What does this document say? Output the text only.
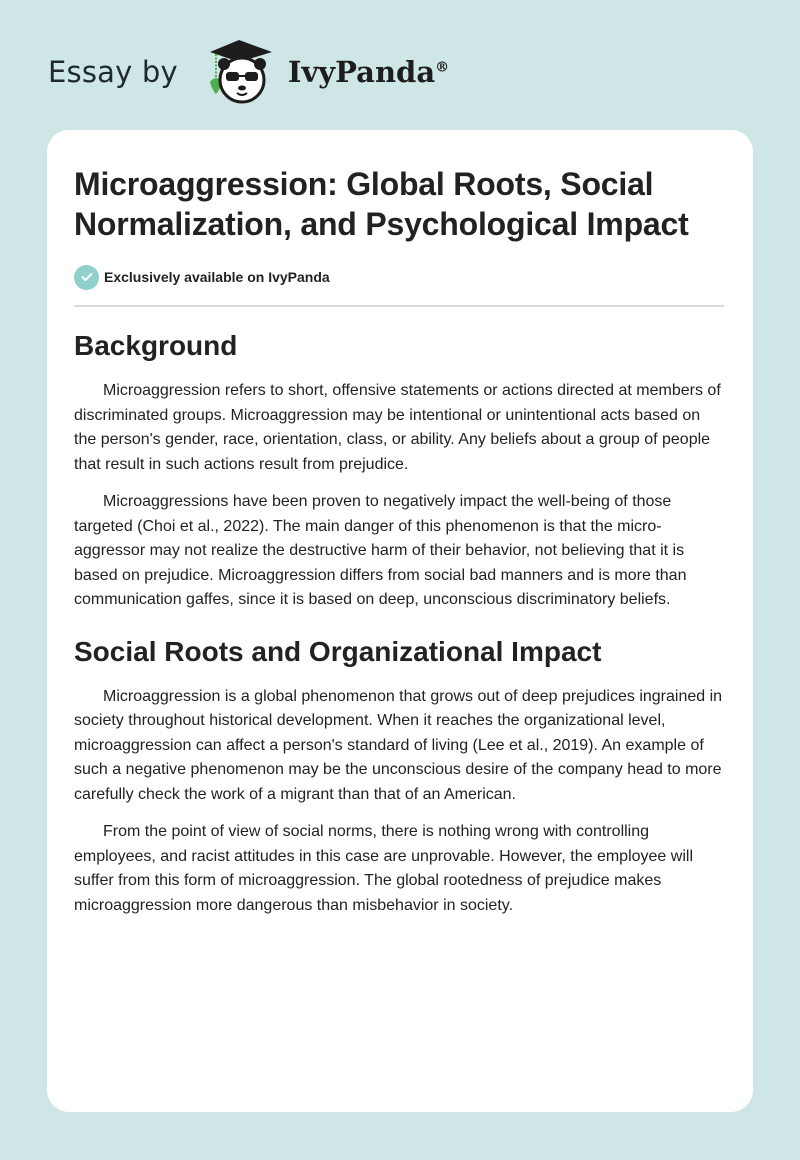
Essay by	IvyPanda®
Microaggression: Global Roots, Social Normalization, and Psychological Impact
Exclusively available on IvyPanda
Background

Microaggression refers to short, offensive statements or actions directed at members of discriminated groups. Microaggression may be intentional or unintentional acts based on the person's gender, race, orientation, class, or ability. Any beliefs about a group of people that result in such actions result from prejudice.

Microaggressions have been proven to negatively impact the well-being of those targeted (Choi et al., 2022). The main danger of this phenomenon is that the micro-aggressor may not realize the destructive harm of their behavior, not believing that it is based on prejudice. Microaggression differs from social bad manners and is more than communication gaffes, since it is based on deep, unconscious discriminatory beliefs.

Social Roots and Organizational Impact

Microaggression is a global phenomenon that grows out of deep prejudices ingrained in society throughout historical development. When it reaches the organizational level, microaggression can affect a person's standard of living (Lee et al., 2019). An example of such a negative phenomenon may be the unconscious desire of the company head to more carefully check the work of a migrant than that of an American.

From the point of view of social norms, there is nothing wrong with controlling employees, and racist attitudes in this case are unprovable. However, the employee will suffer from this form of microaggression. The global rootedness of prejudice makes microaggression more dangerous than misbehavior in society.
